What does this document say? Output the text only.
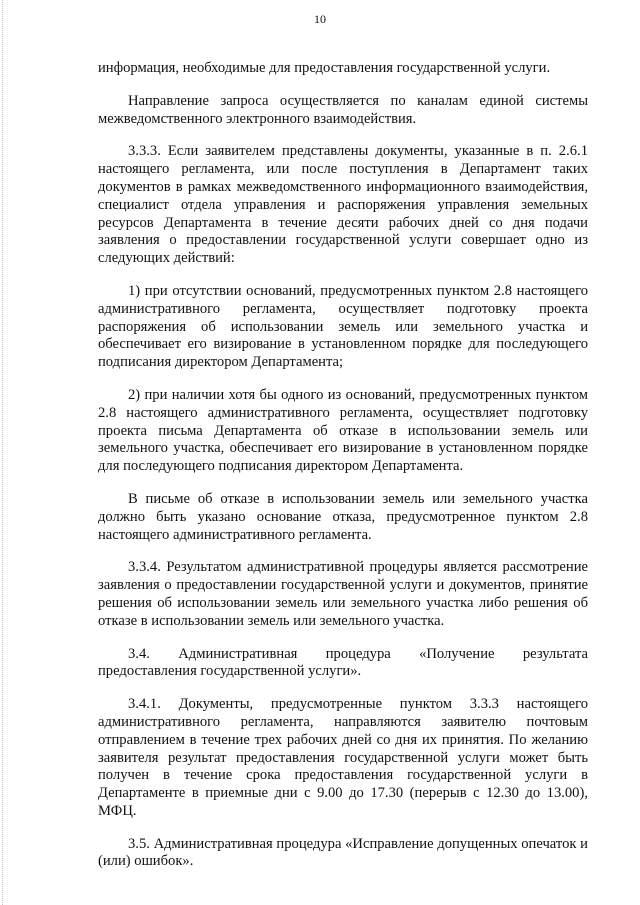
10

информация, необходимые для предоставления государственной услуги.

Направление запроса осуществляется по каналам единой системы межведомственного электронного взаимодействия.

3.3.3. Если заявителем представлены документы, указанные в п. 2.6.1 настоящего регламента, или после поступления в Департамент таких документов в рамках межведомственного информационного взаимодействия, специалист отдела управления и распоряжения управления земельных ресурсов Департамента в течение десяти рабочих дней со дня подачи заявления о предоставлении государственной услуги совершает одно из следующих действий:

1) при отсутствии оснований, предусмотренных пунктом 2.8 настоящего административного регламента, осуществляет подготовку проекта распоряжения об использовании земель или земельного участка и обеспечивает его визирование в установленном порядке для последующего подписания директором Департамента;

2) при наличии хотя бы одного из оснований, предусмотренных пунктом 2.8 настоящего административного регламента, осуществляет подготовку проекта письма Департамента об отказе в использовании земель или земельного участка, обеспечивает его визирование в установленном порядке для последующего подписания директором Департамента.

В письме об отказе в использовании земель или земельного участка должно быть указано основание отказа, предусмотренное пунктом 2.8 настоящего административного регламента.

3.3.4. Результатом административной процедуры является рассмотрение заявления о предоставлении государственной услуги и документов, принятие решения об использовании земель или земельного участка либо решения об отказе в использовании земель или земельного участка.

3.4. Административная процедура «Получение результата предоставления государственной услуги».

3.4.1. Документы, предусмотренные пунктом 3.3.3 настоящего административного регламента, направляются заявителю почтовым отправлением в течение трех рабочих дней со дня их принятия. По желанию заявителя результат предоставления государственной услуги может быть получен в течение срока предоставления государственной услуги в Департаменте в приемные дни с 9.00 до 17.30 (перерыв с 12.30 до 13.00), МФЦ.

3.5. Административная процедура «Исправление допущенных опечаток и (или) ошибок».
